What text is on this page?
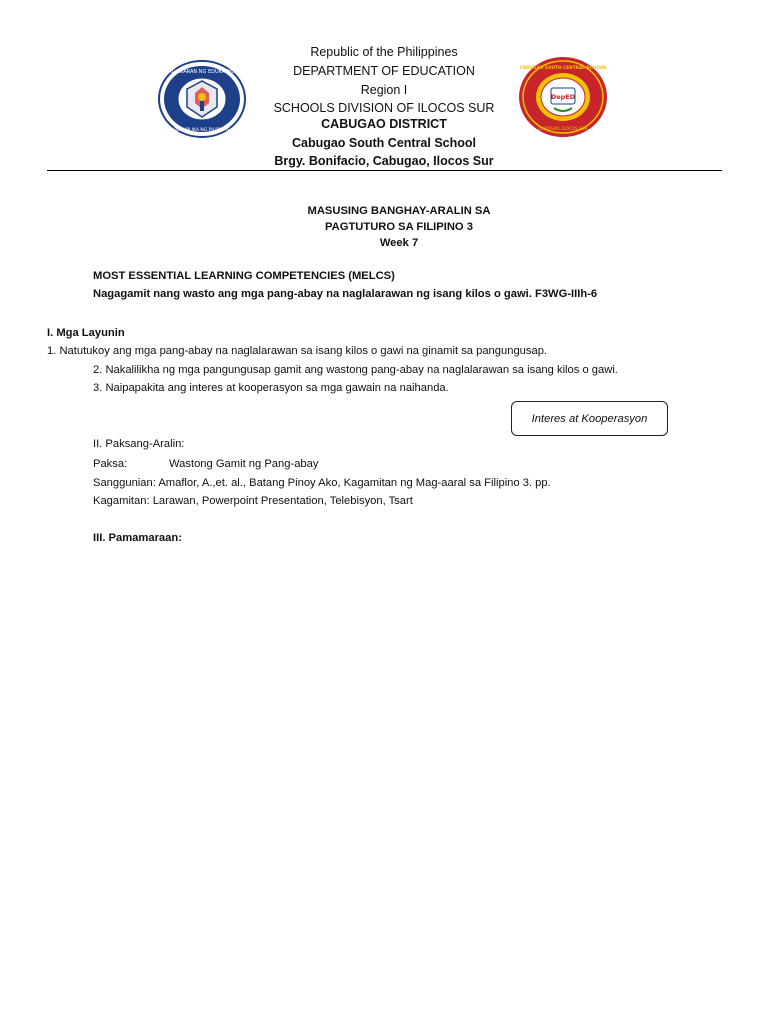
KAGAWARAN NG EDUKASYON
REPUBLIKA NG PILIPINAS
DepED
CABUGAO SOUTH CENTRAL SCHOOL
CABUGAO, ILOCOS SUR
Republic of the Philippines
DEPARTMENT OF EDUCATION
Region I
SCHOOLS DIVISION OF ILOCOS SUR
CABUGAO DISTRICT
Cabugao South Central School
Brgy. Bonifacio, Cabugao, Ilocos Sur
MASUSING BANGHAY-ARALIN SA
PAGTUTURO SA FILIPINO 3
Week 7
MOST ESSENTIAL LEARNING COMPETENCIES (MELCS)
Nagagamit nang wasto ang mga pang-abay na naglalarawan ng isang kilos o gawi. F3WG-IIIh-6
I. Mga Layunin
1. Natutukoy ang mga pang-abay na naglalarawan sa isang kilos o gawi na ginamit sa pangungusap.
2. Nakalilikha ng mga pangungusap gamit ang wastong pang-abay na naglalarawan sa isang kilos o gawi.
3. Naipapakita ang interes at kooperasyon sa mga gawain na naihanda.
Interes at Kooperasyon
II. Paksang-Aralin:
Paksa:	Wastong Gamit ng Pang-abay
Sanggunian: Amaflor, A.,et. al., Batang Pinoy Ako, Kagamitan ng Mag-aaral sa Filipino 3. pp.
Kagamitan: Larawan, Powerpoint Presentation, Telebisyon, Tsart
III. Pamamaraan:
